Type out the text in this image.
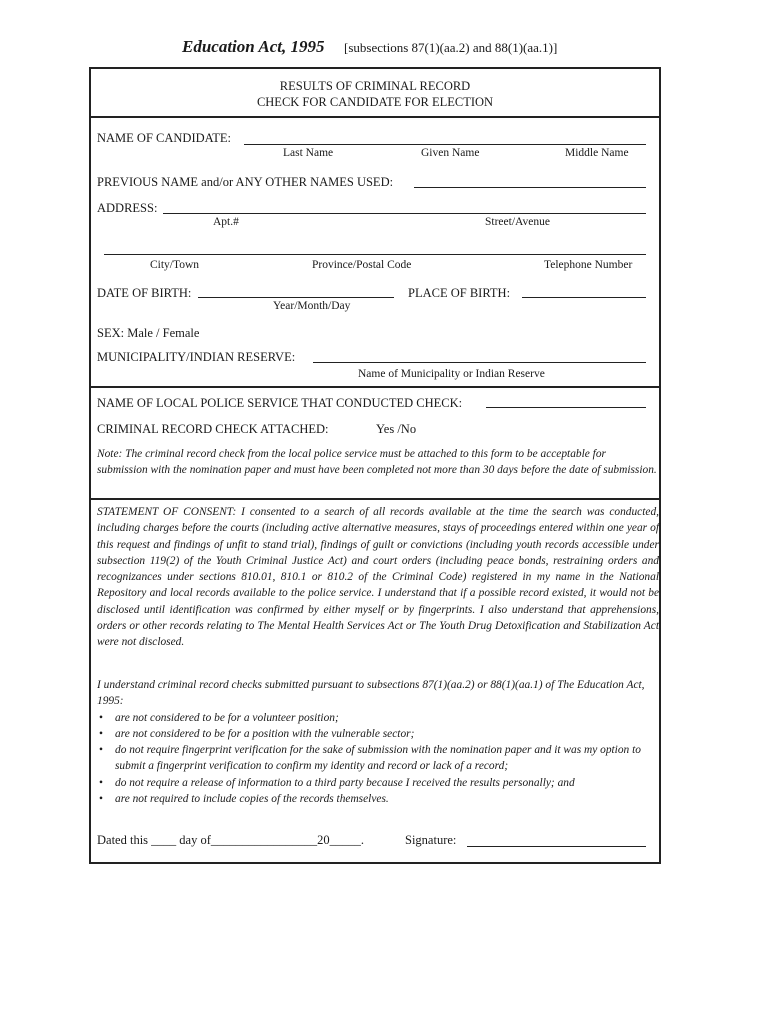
Education Act, 1995 [subsections 87(1)(aa.2) and 88(1)(aa.1)]
RESULTS OF CRIMINAL RECORD
CHECK FOR CANDIDATE FOR ELECTION
NAME OF CANDIDATE:
Last Name	Given Name	Middle Name
PREVIOUS NAME and/or ANY OTHER NAMES USED:
ADDRESS:
Apt.#	Street/Avenue
City/Town	Province/Postal Code	Telephone Number
DATE OF BIRTH:
Year/Month/Day
PLACE OF BIRTH:
SEX: Male / Female
MUNICIPALITY/INDIAN RESERVE:
Name of Municipality or Indian Reserve
NAME OF LOCAL POLICE SERVICE THAT CONDUCTED CHECK:
CRIMINAL RECORD CHECK ATTACHED:	Yes /No
Note: The criminal record check from the local police service must be attached to this form to be acceptable for submission with the nomination paper and must have been completed not more than 30 days before the date of submission.
STATEMENT OF CONSENT: I consented to a search of all records available at the time the search was conducted, including charges before the courts (including active alternative measures, stays of proceedings entered within one year of this request and findings of unfit to stand trial), findings of guilt or convictions (including youth records accessible under subsection 119(2) of the Youth Criminal Justice Act) and court orders (including peace bonds, restraining orders and recognizances under sections 810.01, 810.1 or 810.2 of the Criminal Code) registered in my name in the National Repository and local records available to the police service. I understand that if a possible record existed, it would not be disclosed until identification was confirmed by either myself or by fingerprints. I also understand that apprehensions, orders or other records relating to The Mental Health Services Act or The Youth Drug Detoxification and Stabilization Act were not disclosed.
I understand criminal record checks submitted pursuant to subsections 87(1)(aa.2) or 88(1)(aa.1) of The Education Act, 1995:
• are not considered to be for a volunteer position;
• are not considered to be for a position with the vulnerable sector;
• do not require fingerprint verification for the sake of submission with the nomination paper and it was my option to submit a fingerprint verification to confirm my identity and record or lack of a record;
• do not require a release of information to a third party because I received the results personally; and
• are not required to include copies of the records themselves.
Dated this ____ day of_________________20_____.	Signature:
